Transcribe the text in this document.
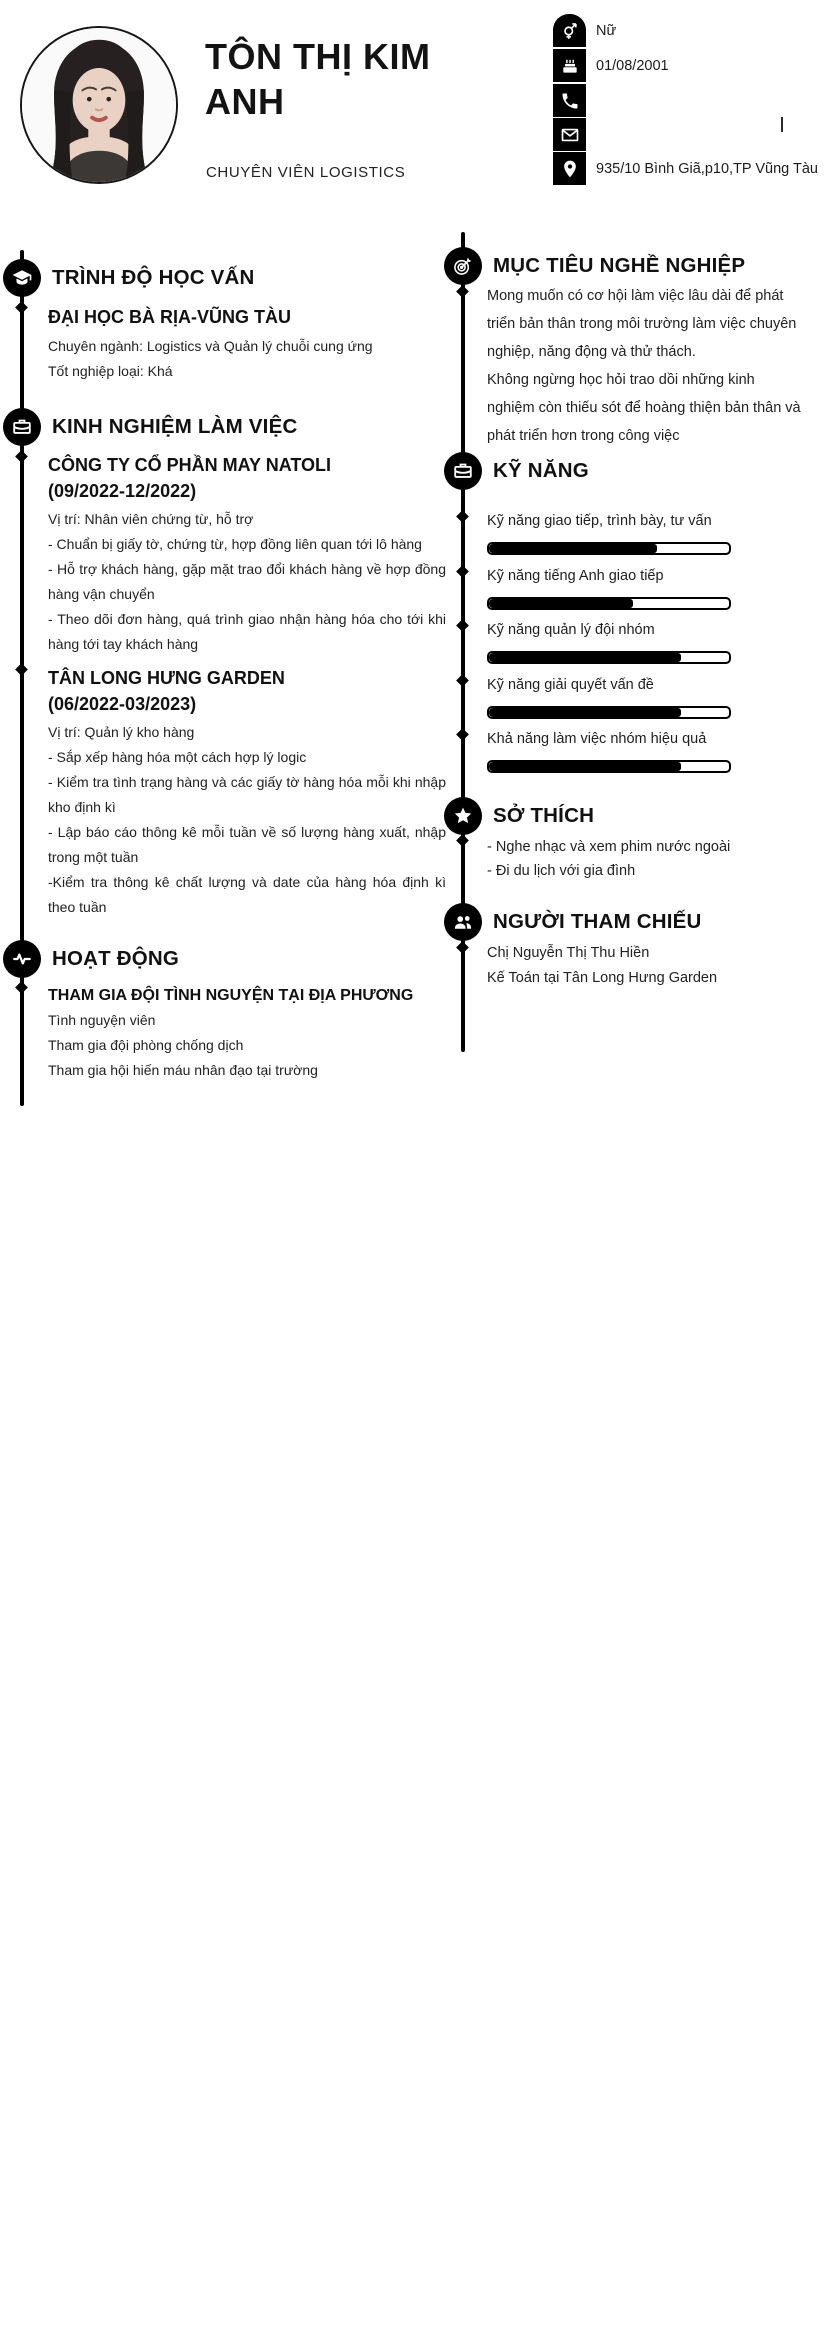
TÔN THỊ KIM ANH
CHUYÊN VIÊN LOGISTICS
Nữ
01/08/2001
935/10 Bình Giã,p10,TP Vũng Tàu
TRÌNH ĐỘ HỌC VẤN
ĐẠI HỌC BÀ RỊA-VŨNG TÀU
Chuyên ngành: Logistics và Quản lý chuỗi cung ứng
Tốt nghiệp loại: Khá
KINH NGHIỆM LÀM VIỆC
CÔNG TY CỔ PHẦN MAY NATOLI
(09/2022-12/2022)
Vị trí: Nhân viên chứng từ, hỗ trợ
- Chuẩn bị giấy tờ, chứng từ, hợp đồng liên quan tới lô hàng
- Hỗ trợ khách hàng, gặp mặt trao đổi khách hàng về hợp đồng hàng vận chuyển
- Theo dõi đơn hàng, quá trình giao nhận hàng hóa cho tới khi hàng tới tay khách hàng
TÂN LONG HƯNG GARDEN
(06/2022-03/2023)
Vị trí: Quản lý kho hàng
- Sắp xếp hàng hóa một cách hợp lý logic
- Kiểm tra tình trạng hàng và các giấy tờ hàng hóa mỗi khi nhập kho định kì
- Lập báo cáo thông kê mỗi tuần về số lượng hàng xuất, nhập trong một tuần
-Kiểm tra thông kê chất lượng và date của hàng hóa định kì theo tuần
HOẠT ĐỘNG
THAM GIA ĐỘI TÌNH NGUYỆN TẠI ĐỊA PHƯƠNG
Tình nguyện viên
Tham gia đội phòng chống dịch
Tham gia hội hiến máu nhân đạo tại trường
MỤC TIÊU NGHỀ NGHIỆP
Mong muốn có cơ hội làm việc lâu dài để phát triển bản thân trong môi trường làm việc chuyên nghiệp, năng động và thử thách.
Không ngừng học hỏi trao dồi những kinh nghiệm còn thiếu sót để hoàng thiện bản thân và phát triển hơn trong công việc
KỸ NĂNG
Kỹ năng giao tiếp, trình bày, tư vấn
Kỹ năng tiếng Anh giao tiếp
Kỹ năng quản lý đội nhóm
Kỹ năng giải quyết vấn đề
Khả năng làm việc nhóm hiệu quả
SỞ THÍCH
- Nghe nhạc và xem phim nước ngoài
- Đi du lịch với gia đình
NGƯỜI THAM CHIẾU
Chị Nguyễn Thị Thu Hiền
Kế Toán tại Tân Long Hưng Garden
